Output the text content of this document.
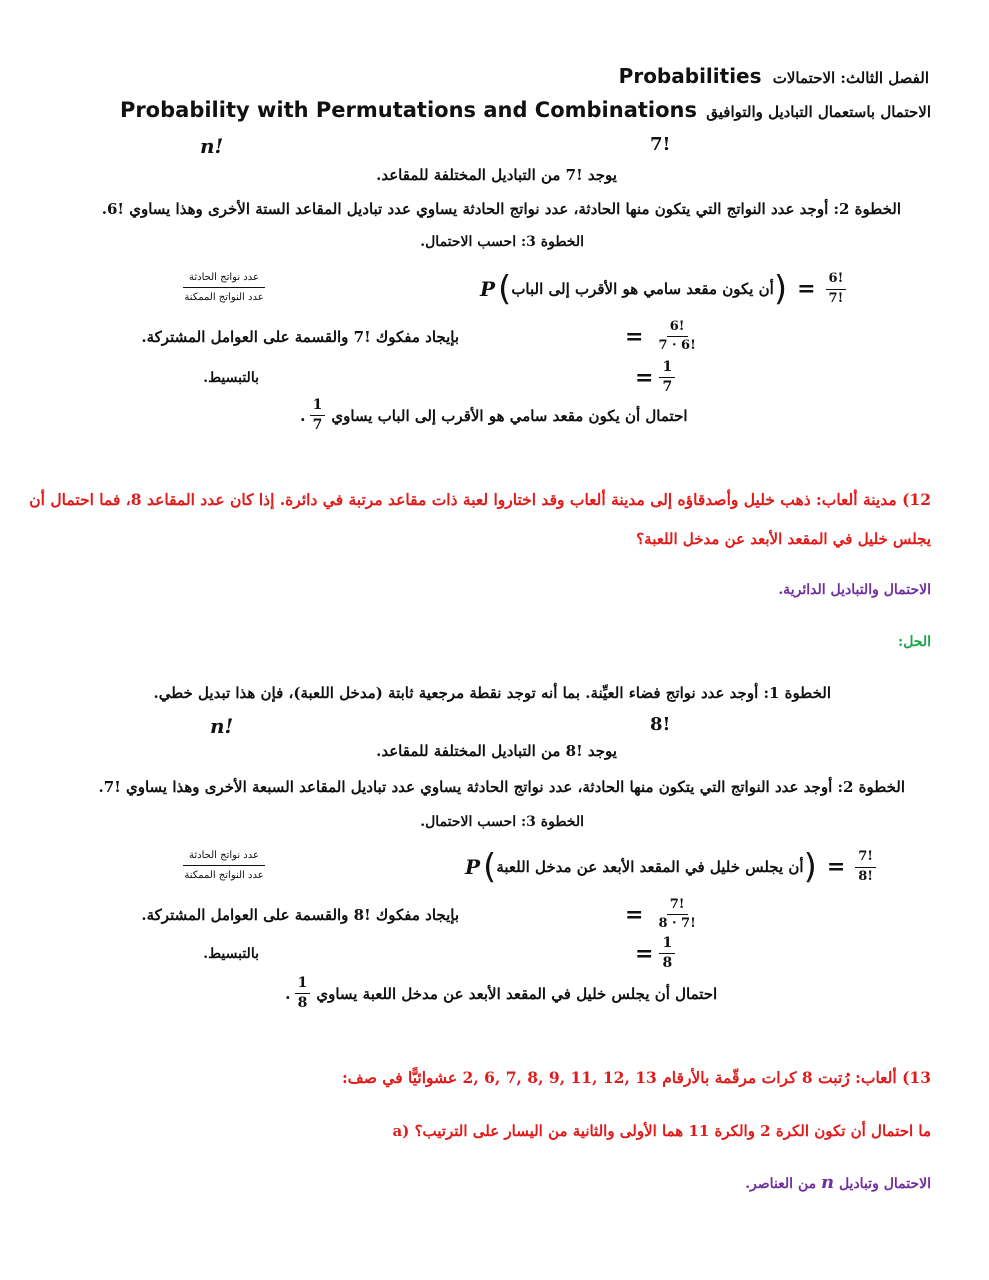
الفصل الثالث: الاحتمالات Probabilities
الاحتمال باستعمال التباديل والتوافيق Probability with Permutations and Combinations
n!	7!
يوجد !7 من التباديل المختلفة للمقاعد.
الخطوة 2: أوجد عدد النواتج التي يتكون منها الحادثة، عدد نواتج الحادثة يساوي عدد تباديل المقاعد الستة الأخرى وهذا يساوي !6.
الخطوة 3: احسب الاحتمال.
عدد نواتج الحادثة
عدد النواتج الممكنة	P ( أن يكون مقعد سامي هو الأقرب إلى الباب ) = $\frac{6!}{7!}$
بإيجاد مفكوك !7 والقسمة على العوامل المشتركة.	= $\frac{6!}{7 \cdot 6!}$
بالتبسيط.	= $\frac{1}{7}$
. $\frac{1}{7}$ احتمال أن يكون مقعد سامي هو الأقرب إلى الباب يساوي
12) مدينة ألعاب: ذهب خليل وأصدقاؤه إلى مدينة ألعاب وقد اختاروا لعبة ذات مقاعد مرتبة في دائرة. إذا كان عدد المقاعد 8، فما احتمال أن
يجلس خليل في المقعد الأبعد عن مدخل اللعبة؟
الاحتمال والتباديل الدائرية.
الحل:
الخطوة 1: أوجد عدد نواتج فضاء العيِّنة. بما أنه توجد نقطة مرجعية ثابتة (مدخل اللعبة)، فإن هذا تبديل خطي.
n!	8!
يوجد !8 من التباديل المختلفة للمقاعد.
الخطوة 2: أوجد عدد النواتج التي يتكون منها الحادثة، عدد نواتج الحادثة يساوي عدد تباديل المقاعد السبعة الأخرى وهذا يساوي !7.
الخطوة 3: احسب الاحتمال.
عدد نواتج الحادثة
عدد النواتج الممكنة	P ( أن يجلس خليل في المقعد الأبعد عن مدخل اللعبة ) = $\frac{7!}{8!}$
بإيجاد مفكوك !8 والقسمة على العوامل المشتركة.	= $\frac{7!}{8 \cdot 7!}$
بالتبسيط.	= $\frac{1}{8}$
. $\frac{1}{8}$ احتمال أن يجلس خليل في المقعد الأبعد عن مدخل اللعبة يساوي
13) ألعاب: رُتبت 8 كرات مرقّمة بالأرقام 13 ,12 ,11 ,9 ,8 ,7 ,6 ,2 عشوائيًّا في صف:
a) ما احتمال أن تكون الكرة 2 والكرة 11 هما الأولى والثانية من اليسار على الترتيب؟
الاحتمال وتباديل n من العناصر.
